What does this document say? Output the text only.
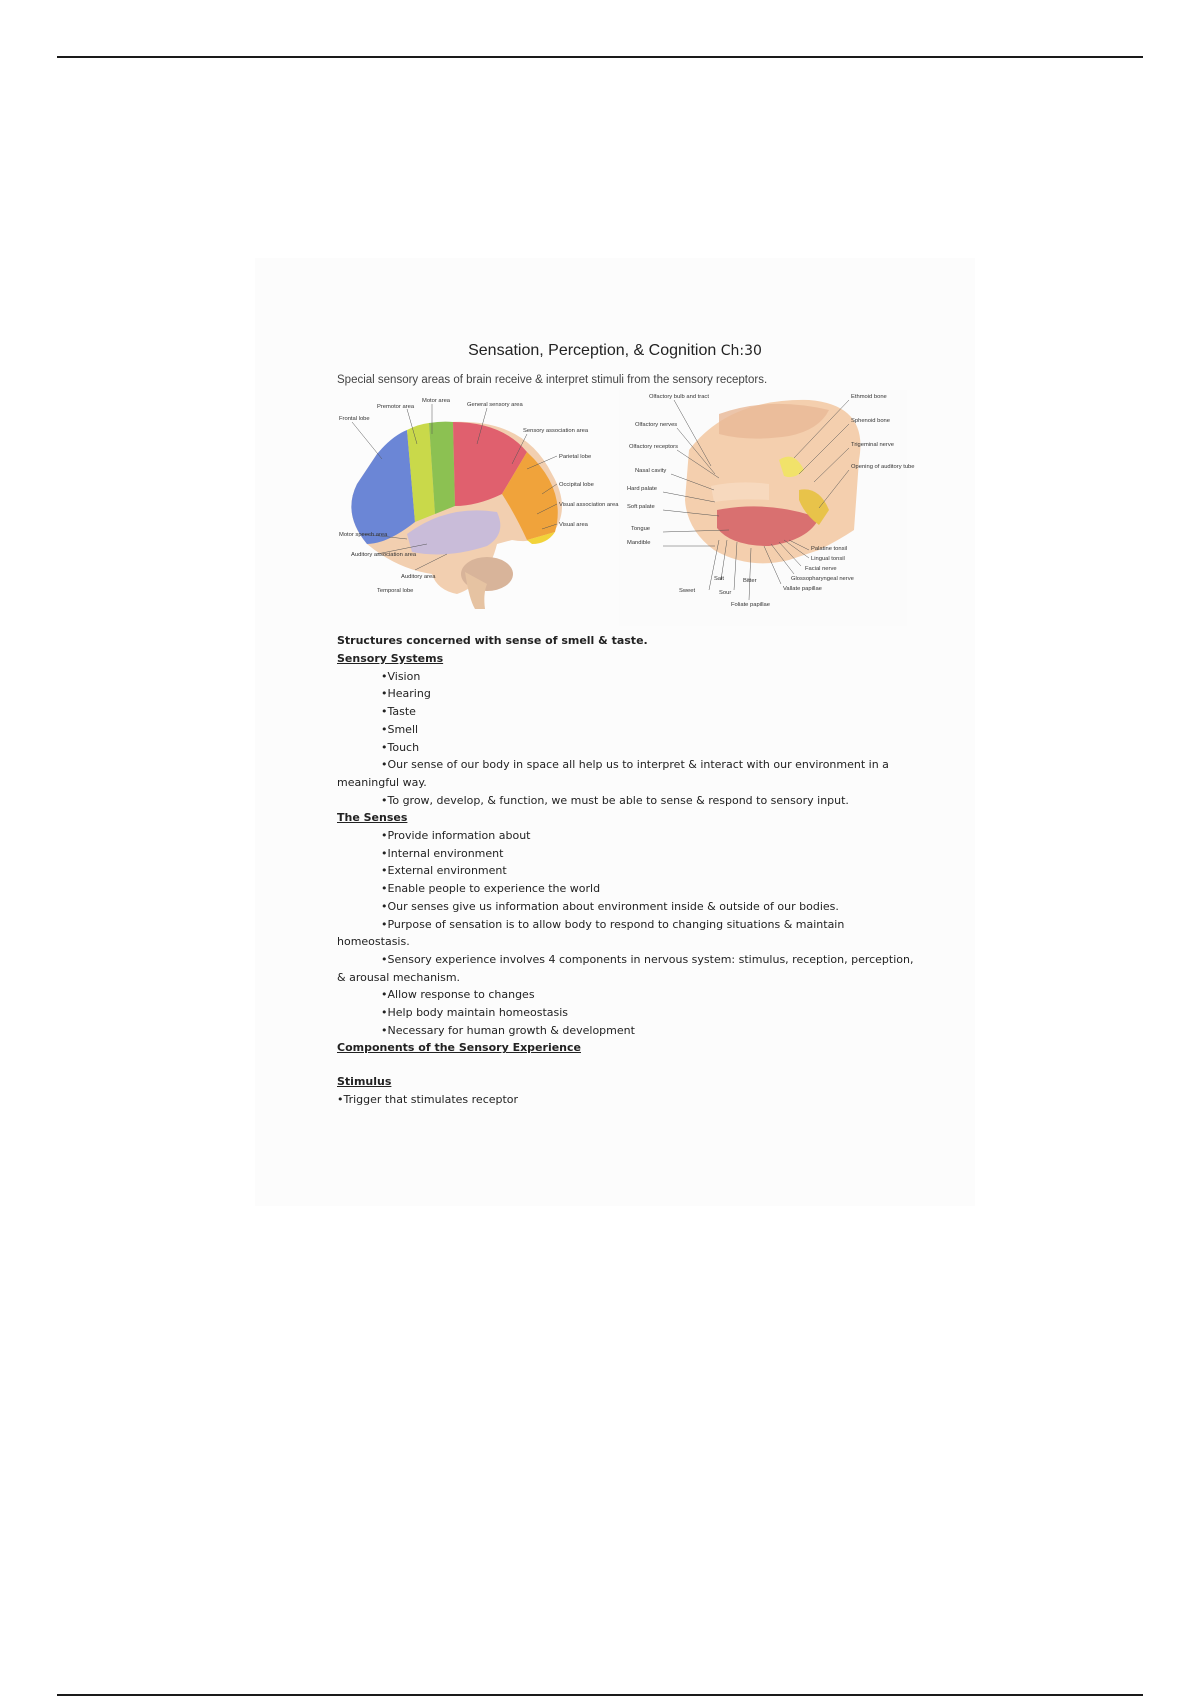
Sensation, Perception, & Cognition Ch:30
Special sensory areas of brain receive & interpret stimuli from the sensory receptors.
Motor area
Premotor area
Frontal lobe
General sensory area
Sensory association area
Parietal lobe
Occipital lobe
Visual association area
Visual area
Motor speech area
Auditory association area
Auditory area
Temporal lobe
Olfactory bulb and tract
Olfactory nerves
Olfactory receptors
Nasal cavity
Hard palate
Soft palate
Tongue
Mandible
Ethmoid bone
Sphenoid bone
Trigeminal nerve
Opening of auditory tube
Palatine tonsil
Lingual tonsil
Facial nerve
Glossopharyngeal nerve
Vallate papillae
Foliate papillae
Salt	Bitter
Sweet	Sour
Structures concerned with sense of smell & taste.
Sensory Systems
•Vision
•Hearing
•Taste
•Smell
•Touch
•Our sense of our body in space all help us to interpret & interact with our environment in a meaningful way.
•To grow, develop, & function, we must be able to sense & respond to sensory input.
The Senses
•Provide information about
•Internal environment
•External environment
•Enable people to experience the world
•Our senses give us information about environment inside & outside of our bodies.
•Purpose of sensation is to allow body to respond to changing situations & maintain homeostasis.
•Sensory experience involves 4 components in nervous system: stimulus, reception, perception, & arousal mechanism.
•Allow response to changes
•Help body maintain homeostasis
•Necessary for human growth & development
Components of the Sensory Experience
Stimulus
•Trigger that stimulates receptor
